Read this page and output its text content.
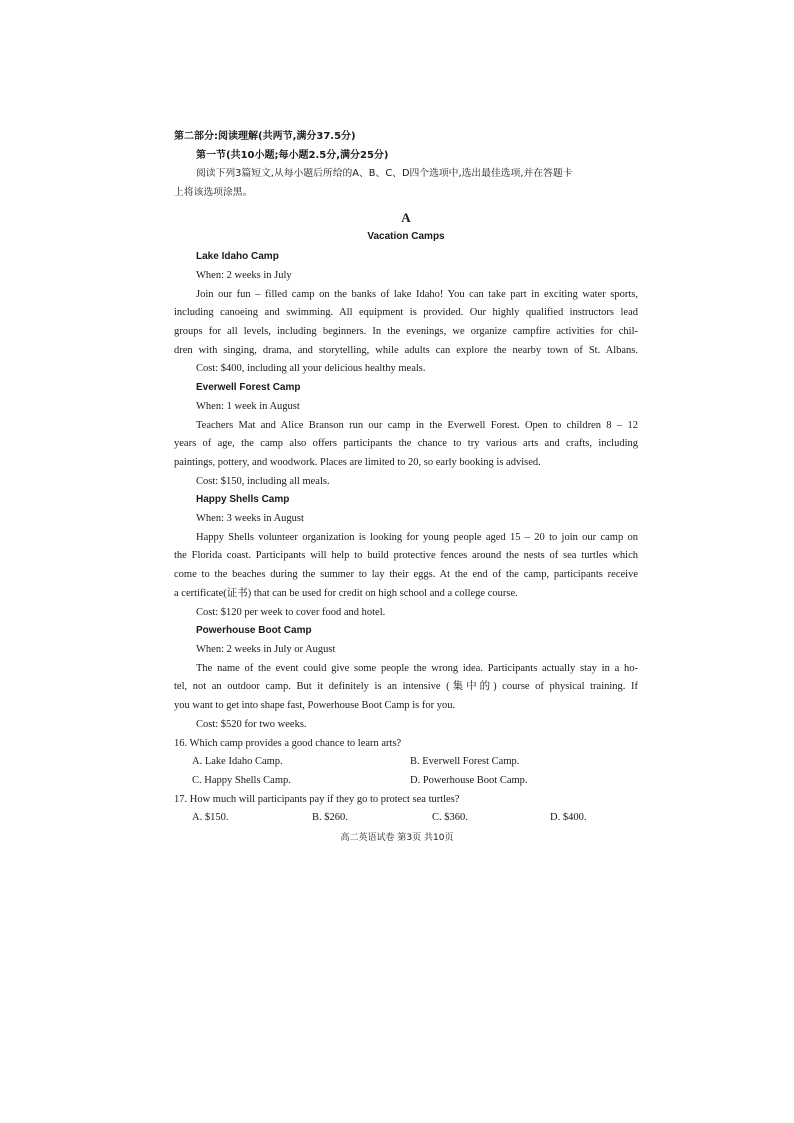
第二部分:阅读理解(共两节,满分37.5分)
第一节(共10小题;每小题2.5分,满分25分)
阅读下列3篇短文,从每小题后所给的A、B、C、D四个选项中,选出最佳选项,并在答题卡
上将该选项涂黑。
A
Vacation Camps
Lake Idaho Camp
When: 2 weeks in July
Join our fun – filled camp on the banks of lake Idaho! You can take part in exciting water sports,
including canoeing and swimming. All equipment is provided. Our highly qualified instructors lead
groups for all levels, including beginners. In the evenings, we organize campfire activities for chil-
dren with singing, drama, and storytelling, while adults can explore the nearby town of St. Albans.
Cost: $400, including all your delicious healthy meals.
Everwell Forest Camp
When: 1 week in August
Teachers Mat and Alice Branson run our camp in the Everwell Forest. Open to children 8 – 12
years of age, the camp also offers participants the chance to try various arts and crafts, including
paintings, pottery, and woodwork. Places are limited to 20, so early booking is advised.
Cost: $150, including all meals.
Happy Shells Camp
When: 3 weeks in August
Happy Shells volunteer organization is looking for young people aged 15 – 20 to join our camp on
the Florida coast. Participants will help to build protective fences around the nests of sea turtles which
come to the beaches during the summer to lay their eggs. At the end of the camp, participants receive
a certificate(证书) that can be used for credit on high school and a college course.
Cost: $120 per week to cover food and hotel.
Powerhouse Boot Camp
When: 2 weeks in July or August
The name of the event could give some people the wrong idea. Participants actually stay in a ho-
tel, not an outdoor camp. But it definitely is an intensive (集中的) course of physical training. If
you want to get into shape fast, Powerhouse Boot Camp is for you.
Cost: $520 for two weeks.
16. Which camp provides a good chance to learn arts?
A. Lake Idaho Camp.	B. Everwell Forest Camp.
C. Happy Shells Camp.	D. Powerhouse Boot Camp.
17. How much will participants pay if they go to protect sea turtles?
A. $150.	B. $260.	C. $360.	D. $400.
高二英语试卷 第3页 共10页
